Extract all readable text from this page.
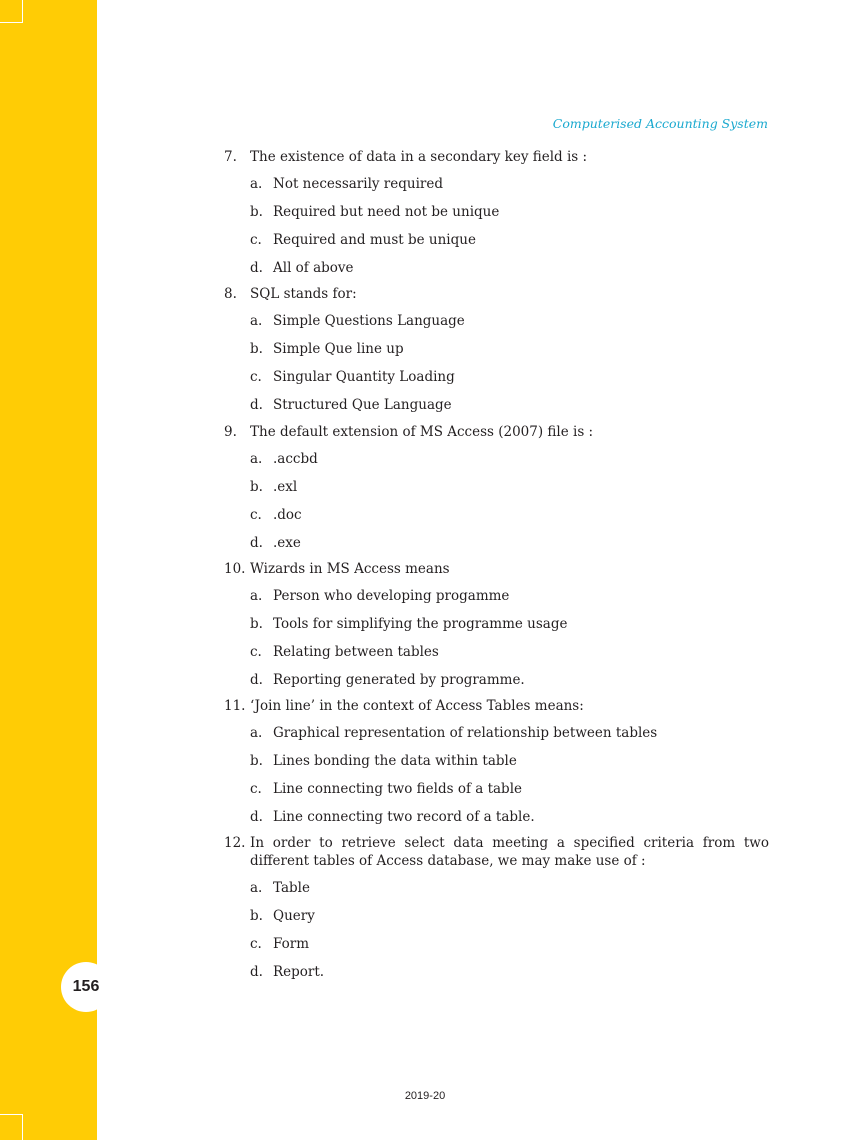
156
Computerised Accounting System
7. The existence of data in a secondary key field is :
a. Not necessarily required
b. Required but need not be unique
c. Required and must be unique
d. All of above
8. SQL stands for:
a. Simple Questions Language
b. Simple Que line up
c. Singular Quantity Loading
d. Structured Que Language
9. The default extension of MS Access (2007) file is :
a. .accbd
b. .exl
c. .doc
d. .exe
10. Wizards in MS Access means
a. Person who developing progamme
b. Tools for simplifying the programme usage
c. Relating between tables
d. Reporting generated by programme.
11. ‘Join line’ in the context of Access Tables means:
a. Graphical representation of relationship between tables
b. Lines bonding the data within table
c. Line connecting two fields of a table
d. Line connecting two record of a table.
12. In order to retrieve select data meeting a specified criteria from two different tables of Access database, we may make use of :
a. Table
b. Query
c. Form
d. Report.
2019-20
